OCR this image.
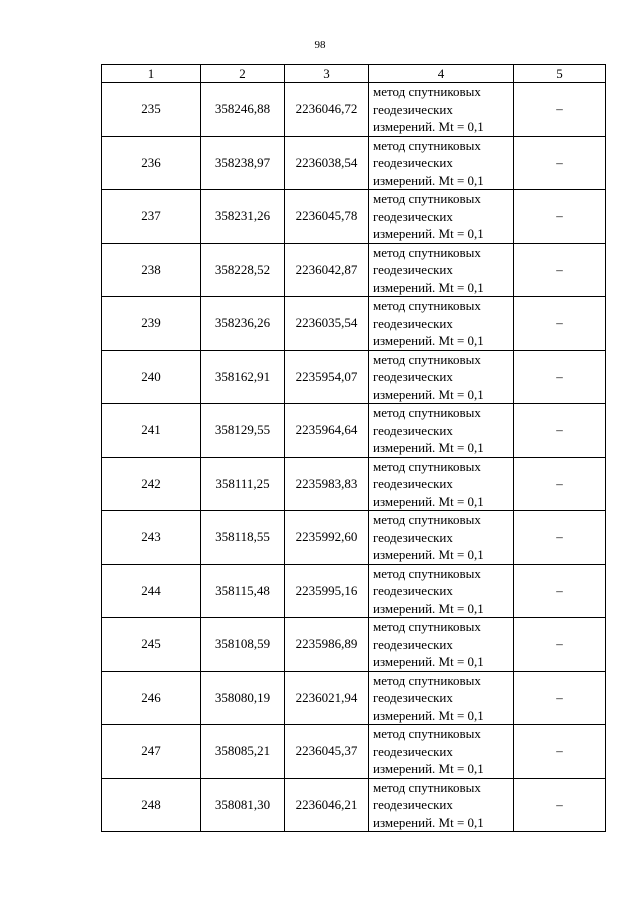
98
1	2	3	4	5
235	358246,88	2236046,72	метод спутниковых
геодезических
измерений. Mt = 0,1	–
236	358238,97	2236038,54	метод спутниковых
геодезических
измерений. Mt = 0,1	–
237	358231,26	2236045,78	метод спутниковых
геодезических
измерений. Mt = 0,1	–
238	358228,52	2236042,87	метод спутниковых
геодезических
измерений. Mt = 0,1	–
239	358236,26	2236035,54	метод спутниковых
геодезических
измерений. Mt = 0,1	–
240	358162,91	2235954,07	метод спутниковых
геодезических
измерений. Mt = 0,1	–
241	358129,55	2235964,64	метод спутниковых
геодезических
измерений. Mt = 0,1	–
242	358111,25	2235983,83	метод спутниковых
геодезических
измерений. Mt = 0,1	–
243	358118,55	2235992,60	метод спутниковых
геодезических
измерений. Mt = 0,1	–
244	358115,48	2235995,16	метод спутниковых
геодезических
измерений. Mt = 0,1	–
245	358108,59	2235986,89	метод спутниковых
геодезических
измерений. Mt = 0,1	–
246	358080,19	2236021,94	метод спутниковых
геодезических
измерений. Mt = 0,1	–
247	358085,21	2236045,37	метод спутниковых
геодезических
измерений. Mt = 0,1	–
248	358081,30	2236046,21	метод спутниковых
геодезических
измерений. Mt = 0,1	–
